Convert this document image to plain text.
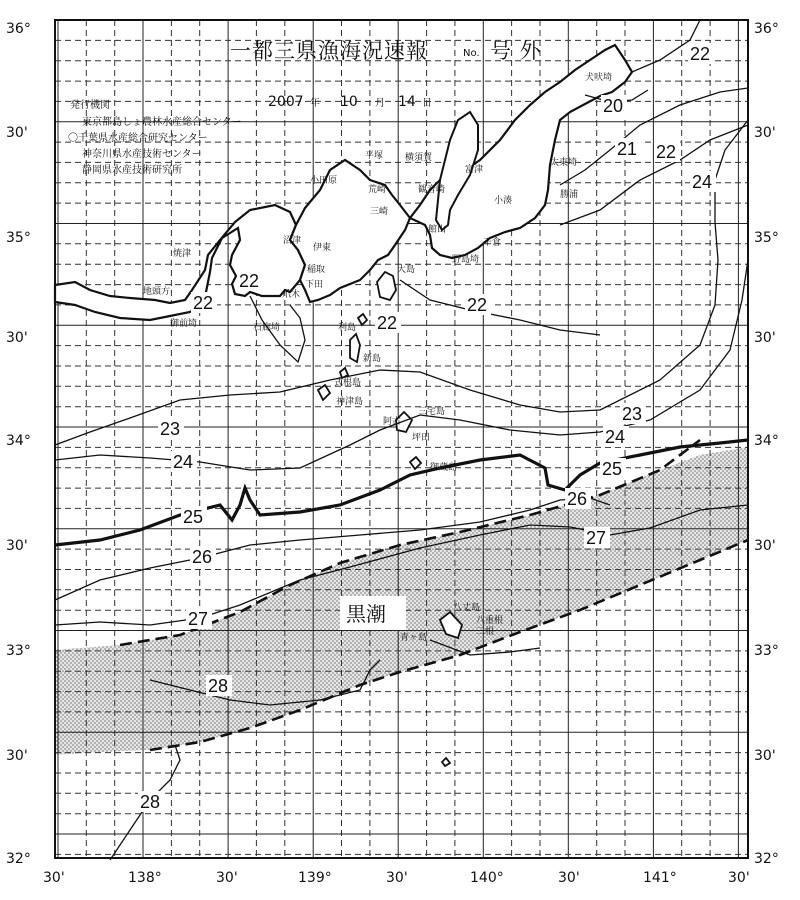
一都三県漁海況速報	No. 号 外
2007 年 10 月 14 日
発行機関
東京都島しょ農林水産総合センター
〇千葉県水産総合研究センター
神奈川県水産技術センター
静岡県水産技術研究所
黒潮
36°	36°
30'	30'
35°	35°
30'	30'
34°	34°
30'	30'
33°	33°
30'	30'
32°	32°
30'	138°	30'	139°	30'	140°	30'	141°	30'
22
20
21 22
24
22
22
22
22
23
24
23
24
25
25
26
26
27
27
28
28
犬吠埼
平塚 横須賀
富津
小田原
荒崎	観音崎
太東埼
勝浦
三崎
小湊
館山
千倉
沼津
伊東
野島埼
焼津
稲取	大島
下田
爪木
石廊埼	利島
地頭方
御前埼
新島
式根島
神津島
三宅島
阿古
坪田
御蔵島
八丈島
八重根
三根
青ヶ島
